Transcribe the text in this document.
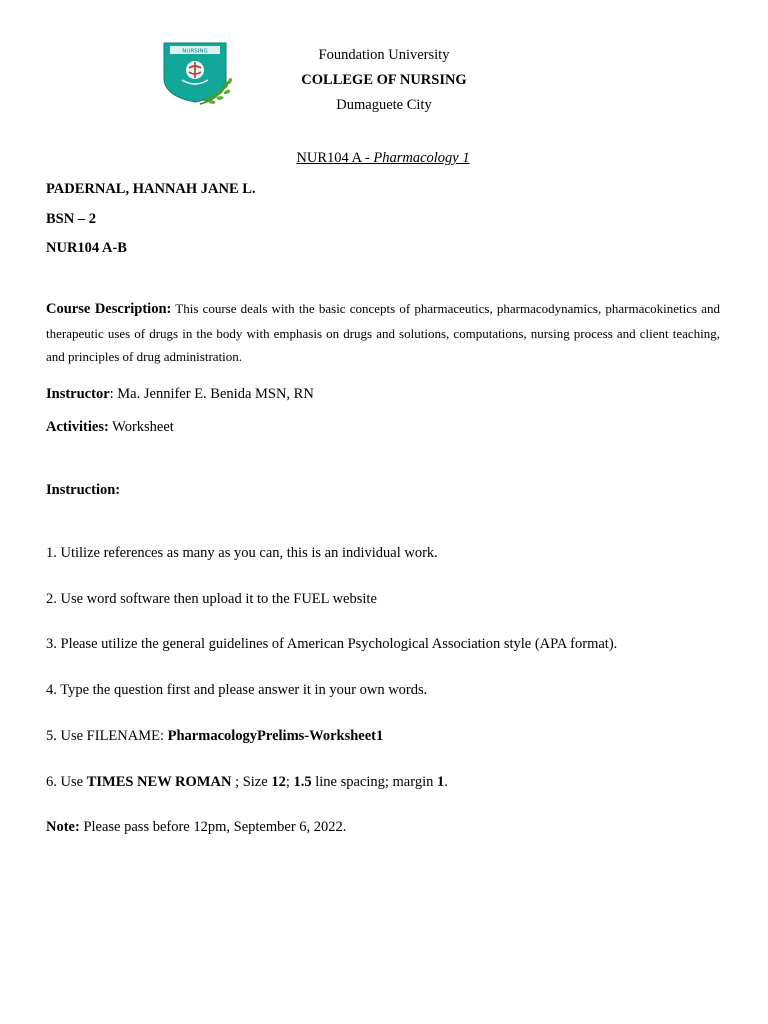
NURSING	Foundation University
COLLEGE OF NURSING
Dumaguete City
NUR104 A - Pharmacology 1
PADERNAL, HANNAH JANE L.
BSN – 2
NUR104 A-B
Course Description: This course deals with the basic concepts of pharmaceutics, pharmacodynamics, pharmacokinetics and therapeutic uses of drugs in the body with emphasis on drugs and solutions, computations, nursing process and client teaching, and principles of drug administration.
Instructor: Ma. Jennifer E. Benida MSN, RN
Activities: Worksheet
Instruction:
1. Utilize references as many as you can, this is an individual work.
2. Use word software then upload it to the FUEL website
3. Please utilize the general guidelines of American Psychological Association style (APA format).
4. Type the question first and please answer it in your own words.
5. Use FILENAME: PharmacologyPrelims-Worksheet1
6. Use TIMES NEW ROMAN ; Size 12; 1.5 line spacing; margin 1.
Note: Please pass before 12pm, September 6, 2022.
